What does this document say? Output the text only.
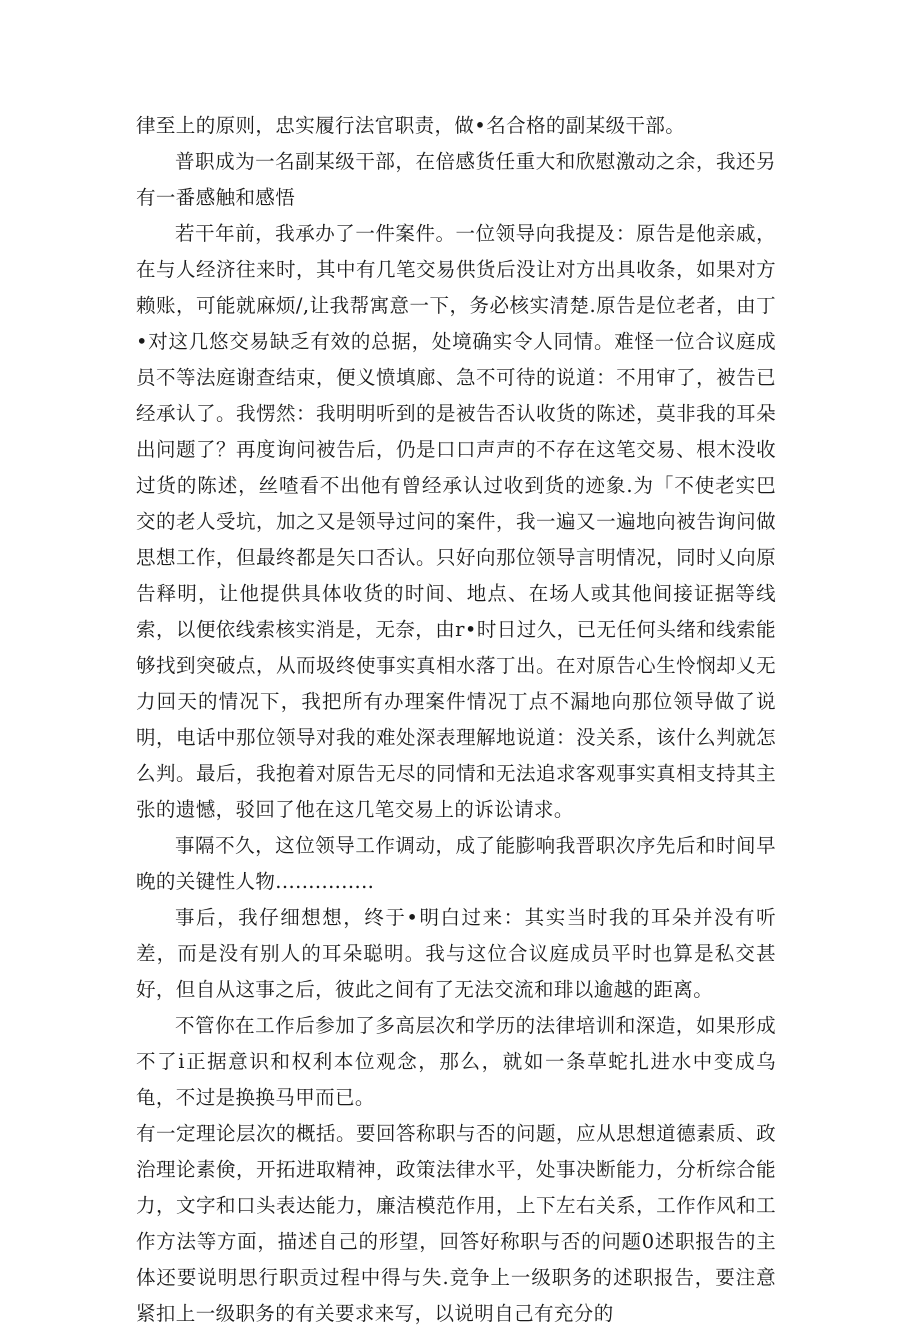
律至上的原则，忠实履行法官职责，做•名合格的副某级干部。

普职成为一名副某级干部，在倍感货任重大和欣慰激动之余，我还另有一番感触和感悟

若干年前，我承办了一件案件。一位领导向我提及：原告是他亲戚，在与人经济往来时，其中有几笔交易供货后没让对方出具收条，如果对方赖账，可能就麻烦/,让我帮寓意一下，务必核实清楚.原告是位老者，由丁•对这几悠交易缺乏有效的总据，处境确实令人同情。难怪一位合议庭成员不等法庭谢查结束，便义愤填廊、急不可待的说道：不用审了，被告已经承认了。我愣然：我明明听到的是被告否认收货的陈述，莫非我的耳朵出问题了？再度询问被告后，仍是口口声声的不存在这笔交易、根木没收过货的陈述，丝喳看不出他有曾经承认过收到货的迹象.为「不使老实巴交的老人受坑，加之又是领导过问的案件，我一遍又一遍地向被告询问做思想工作，但最终都是矢口否认。只好向那位领导言明情况，同时乂向原告释明，让他提供具体收货的时间、地点、在场人或其他间接证据等线索，以便依线索核实消是，无奈，由r•时日过久，已无任何头绪和线索能够找到突破点，从而圾终使事实真相水落丁出。在对原告心生怜悯却乂无力回天的情况下，我把所有办理案件情况丁点不漏地向那位领导做了说明，电话中那位领导对我的难处深表理解地说道：没关系，该什么判就怎么判。最后，我抱着对原告无尽的同情和无法追求客观事实真相支持其主张的遗憾，驳回了他在这几笔交易上的诉讼请求。

事隔不久，这位领导工作调动，成了能膨响我晋职次序先后和时间早晚的关键性人物...............

事后，我仔细想想，终于•明白过来：其实当时我的耳朵并没有听差，而是没有别人的耳朵聪明。我与这位合议庭成员平时也算是私交甚好，但自从这事之后，彼此之间有了无法交流和琲以逾越的距离。

不管你在工作后参加了多高层次和学历的法律培训和深造，如果形成不了i正据意识和权利本位观念，那么，就如一条草蛇扎进水中变成乌龟，不过是换换马甲而已。

有一定理论层次的概括。要回答称职与否的问题，应从思想道德素质、政治理论素倹，开拓进取精神，政策法律水平，处事决断能力，分析综合能力，文字和口头表达能力，廉洁模范作用，上下左右关系，工作作风和工作方法等方面，描述自己的形望，回答好称职与否的问题0述职报告的主体还要说明思行职贡过程中得与失.竞争上一级职务的述职报告，要注意紧扣上一级职务的有关要求来写，以说明自己有充分的
